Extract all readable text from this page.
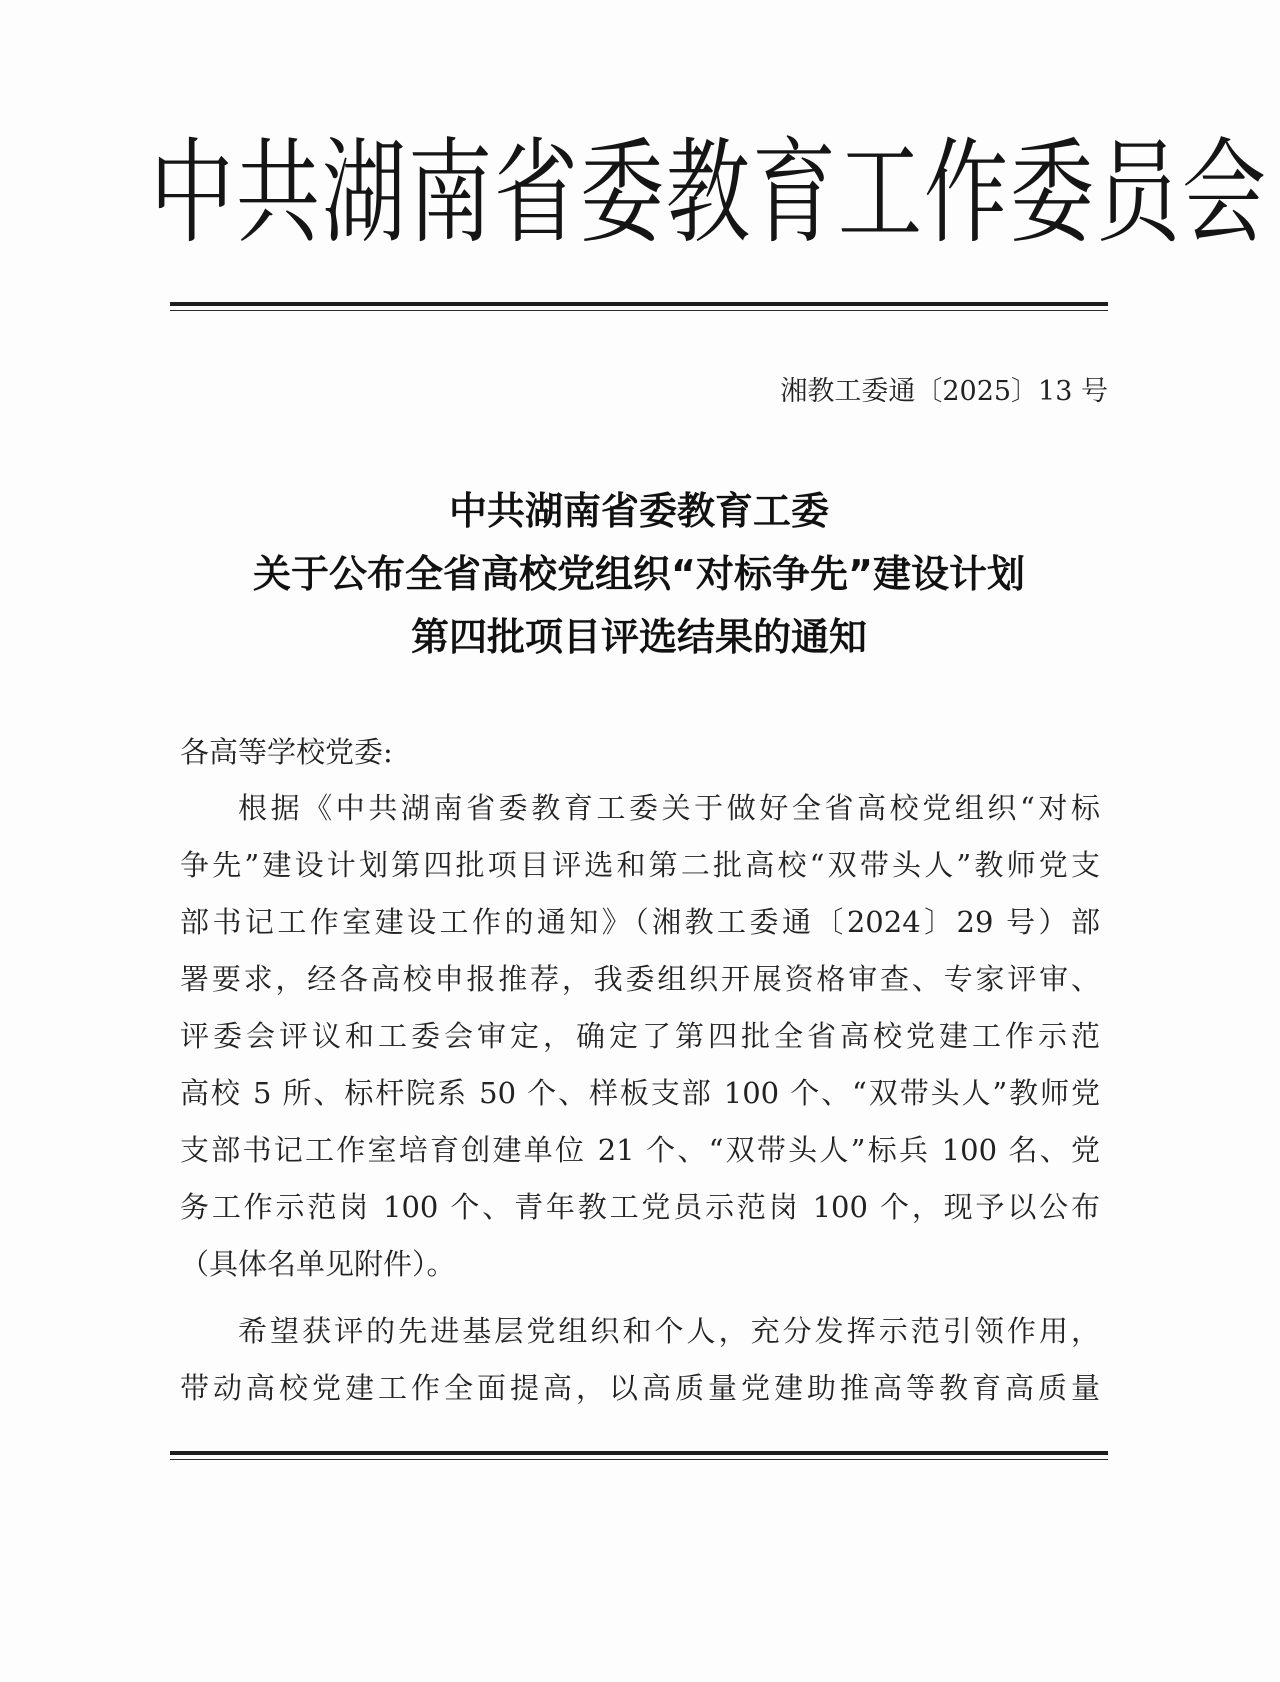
中共湖南省委教育工作委员会
湘教工委通〔2025〕13 号
中共湖南省委教育工委
关于公布全省高校党组织“对标争先”建设计划
第四批项目评选结果的通知
各高等学校党委:
根据《中共湖南省委教育工委关于做好全省高校党组织“对标
争先”建设计划第四批项目评选和第二批高校“双带头人”教师党支
部书记工作室建设工作的通知》（湘教工委通〔2024〕29 号）部
署要求，经各高校申报推荐，我委组织开展资格审查、专家评审、
评委会评议和工委会审定，确定了第四批全省高校党建工作示范
高校 5 所、标杆院系 50 个、样板支部 100 个、“双带头人”教师党
支部书记工作室培育创建单位 21 个、“双带头人”标兵 100 名、党
务工作示范岗 100 个、青年教工党员示范岗 100 个，现予以公布
（具体名单见附件）。
希望获评的先进基层党组织和个人，充分发挥示范引领作用，
带动高校党建工作全面提高，以高质量党建助推高等教育高质量
